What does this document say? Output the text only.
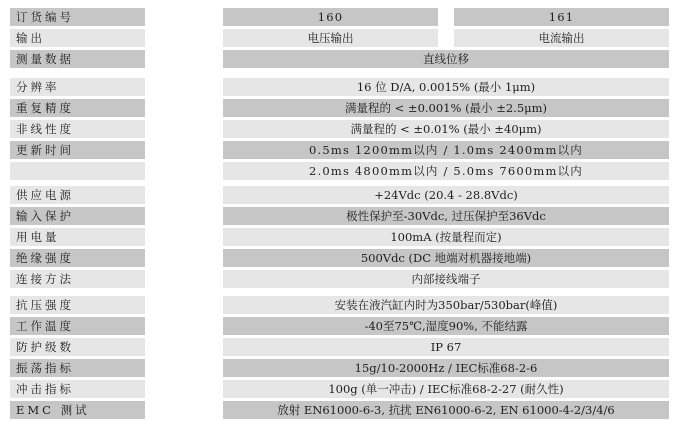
订货编号	160	161
输出	电压输出	电流输出
测量数据	直线位移
分辨率	16 位 D/A, 0.0015% (最小 1μm)
重复精度	满量程的 < ±0.001% (最小 ±2.5μm)
非线性度	满量程的 < ±0.01% (最小 ±40μm)
更新时间	0.5ms 1200mm以内 / 1.0ms 2400mm以内
2.0ms 4800mm以内 / 5.0ms 7600mm以内
供应电源	+24Vdc (20.4 - 28.8Vdc)
输入保护	极性保护至-30Vdc, 过压保护至36Vdc
用电量	100mA (按量程而定)
绝缘强度	500Vdc (DC 地端对机器接地端)
连接方法	内部接线端子
抗压强度	安装在液汽缸内时为350bar/530bar(峰值)
工作温度	-40至75℃,湿度90%, 不能结露
防护级数	IP 67
振荡指标	15g/10-2000Hz / IEC标准68-2-6
冲击指标	100g (单一冲击) / IEC标准68-2-27 (耐久性)
EMC 测试	放射 EN61000-6-3, 抗扰 EN61000-6-2, EN 61000-4-2/3/4/6
